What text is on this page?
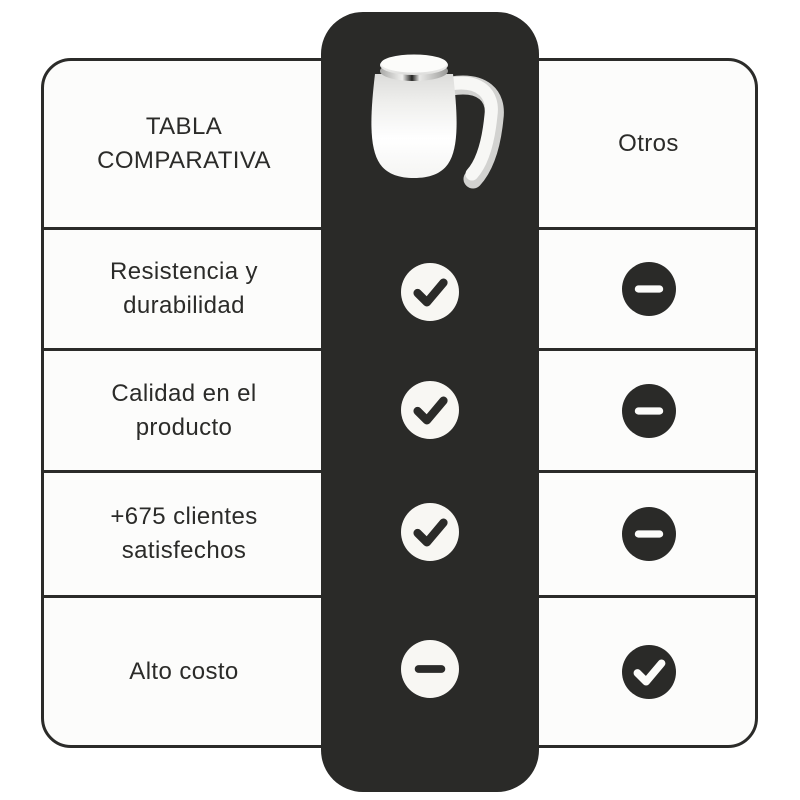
TABLA COMPARATIVA
Otros
Resistencia y durabilidad
Calidad en el producto
+675 clientes satisfechos
Alto costo
